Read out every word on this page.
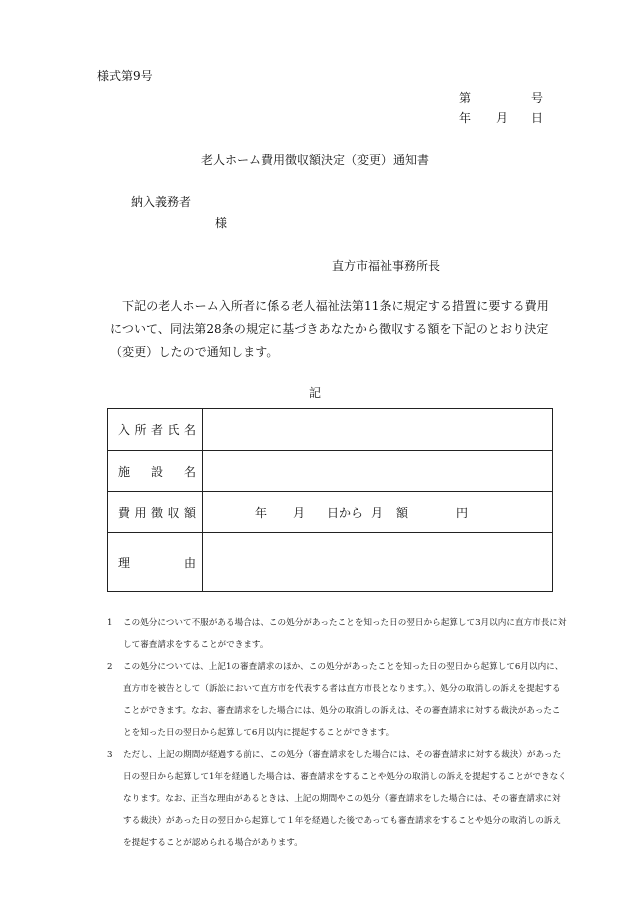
様式第9号
第	号
年 月 日
老人ホーム費用徴収額決定（変更）通知書
納入義務者
様
直方市福祉事務所長
下記の老人ホーム入所者に係る老人福祉法第11条に規定する措置に要する費用について、同法第28条の規定に基づきあなたから徴収する額を下記のとおり決定（変更）したので通知します。
記
入 所 者 氏 名	

施 設 名	

費 用 徴 収 額	年 月 日から 月 額 円

理 由	

1	この処分について不服がある場合は、この処分があったことを知った日の翌日から起算して3月以内に直方市長に対して審査請求をすることができます。
2	この処分については、上記1の審査請求のほか、この処分があったことを知った日の翌日から起算して6月以内に、直方市を被告として（訴訟において直方市を代表する者は直方市長となります。）、処分の取消しの訴えを提起することができます。なお、審査請求をした場合には、処分の取消しの訴えは、その審査請求に対する裁決があったことを知った日の翌日から起算して6月以内に提起することができます。
3	ただし、上記の期間が経過する前に、この処分（審査請求をした場合には、その審査請求に対する裁決）があった日の翌日から起算して1年を経過した場合は、審査請求をすることや処分の取消しの訴えを提起することができなくなります。なお、正当な理由があるときは、上記の期間やこの処分（審査請求をした場合には、その審査請求に対する裁決）があった日の翌日から起算して１年を経過した後であっても審査請求をすることや処分の取消しの訴えを提起することが認められる場合があります。
